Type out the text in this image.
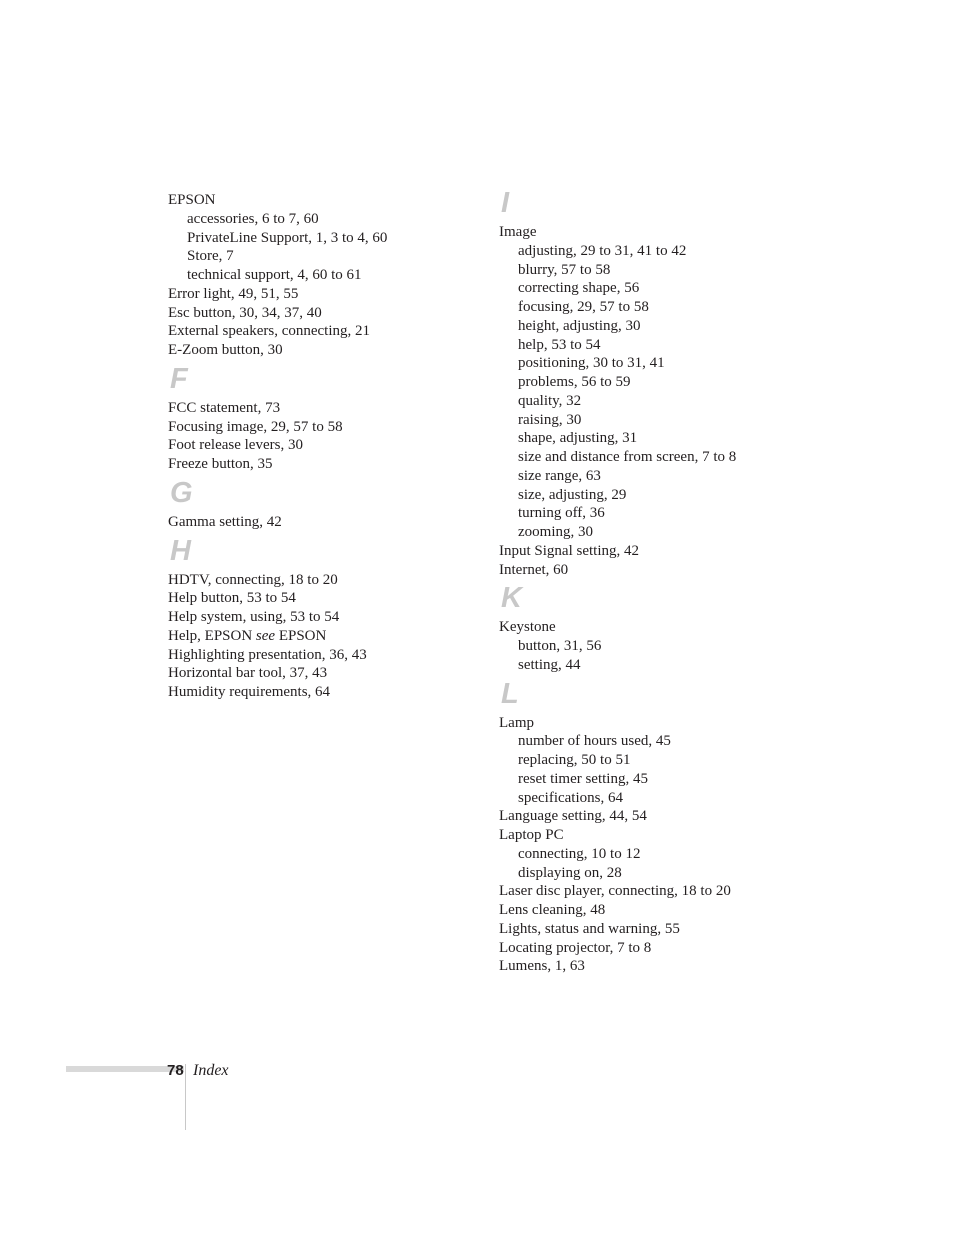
EPSON
accessories, 6 to 7, 60
PrivateLine Support, 1, 3 to 4, 60
Store, 7
technical support, 4, 60 to 61
Error light, 49, 51, 55
Esc button, 30, 34, 37, 40
External speakers, connecting, 21
E-Zoom button, 30
F
FCC statement, 73
Focusing image, 29, 57 to 58
Foot release levers, 30
Freeze button, 35
G
Gamma setting, 42
H
HDTV, connecting, 18 to 20
Help button, 53 to 54
Help system, using, 53 to 54
Help, EPSON see EPSON
Highlighting presentation, 36, 43
Horizontal bar tool, 37, 43
Humidity requirements, 64
I
Image
adjusting, 29 to 31, 41 to 42
blurry, 57 to 58
correcting shape, 56
focusing, 29, 57 to 58
height, adjusting, 30
help, 53 to 54
positioning, 30 to 31, 41
problems, 56 to 59
quality, 32
raising, 30
shape, adjusting, 31
size and distance from screen, 7 to 8
size range, 63
size, adjusting, 29
turning off, 36
zooming, 30
Input Signal setting, 42
Internet, 60
K
Keystone
button, 31, 56
setting, 44
L
Lamp
number of hours used, 45
replacing, 50 to 51
reset timer setting, 45
specifications, 64
Language setting, 44, 54
Laptop PC
connecting, 10 to 12
displaying on, 28
Laser disc player, connecting, 18 to 20
Lens cleaning, 48
Lights, status and warning, 55
Locating projector, 7 to 8
Lumens, 1, 63
78 Index
